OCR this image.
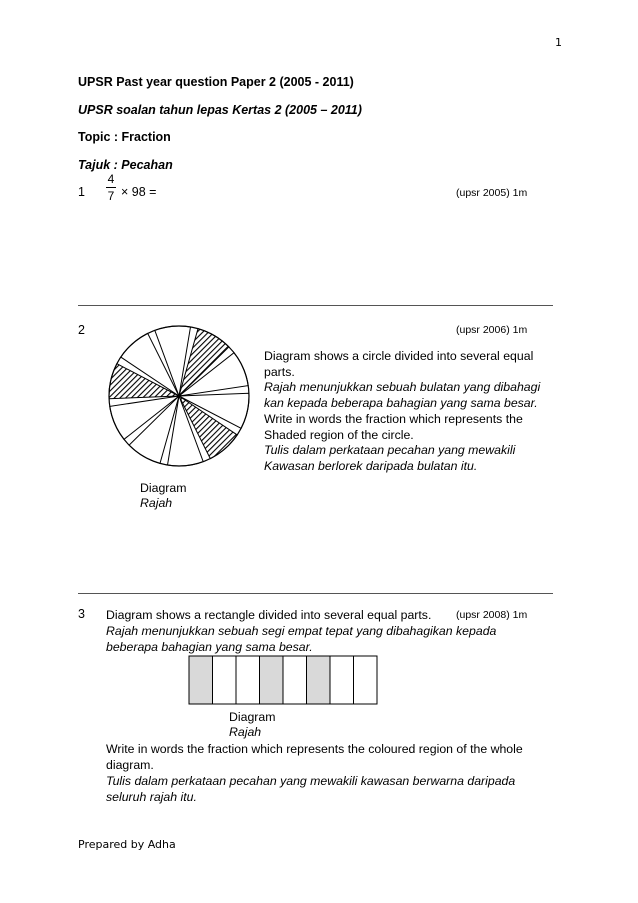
1
UPSR Past year question Paper 2 (2005 - 2011)
UPSR soalan tahun lepas Kertas 2 (2005 – 2011)
Topic : Fraction
Tajuk : Pecahan
1
4
7 × 98 =	(upsr 2005) 1m
2	(upsr 2006) 1m
Diagram shows a circle divided into several equal
parts.
Rajah menunjukkan sebuah bulatan yang dibahagi
kan kepada beberapa bahagian yang sama besar.
Write in words the fraction which represents the
Shaded region of the circle.
Tulis dalam perkataan pecahan yang mewakili
Kawasan berlorek daripada bulatan itu.
Diagram
Rajah
3 Diagram shows a rectangle divided into several equal parts. (upsr 2008) 1m
Rajah menunjukkan sebuah segi empat tepat yang dibahagikan kepada
beberapa bahagian yang sama besar.
Diagram
Rajah
Write in words the fraction which represents the coloured region of the whole
diagram.
Tulis dalam perkataan pecahan yang mewakili kawasan berwarna daripada
seluruh rajah itu.
Prepared by Adha
